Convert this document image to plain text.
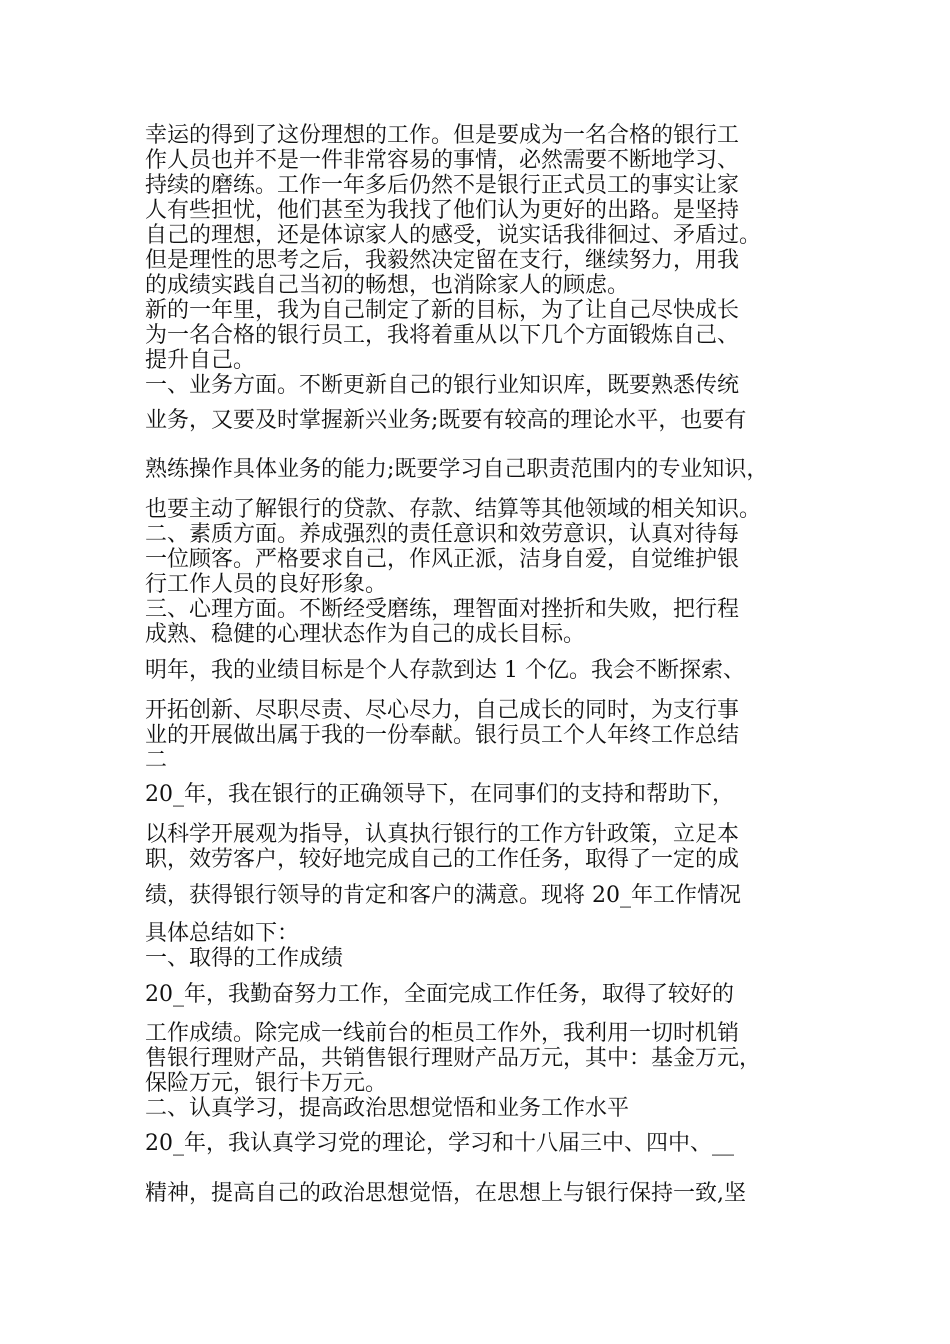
幸运的得到了这份理想的工作。但是要成为一名合格的银行工
作人员也并不是一件非常容易的事情，必然需要不断地学习、
持续的磨练。工作一年多后仍然不是银行正式员工的事实让家
人有些担忧，他们甚至为我找了他们认为更好的出路。是坚持
自己的理想，还是体谅家人的感受，说实话我徘徊过、矛盾过。
但是理性的思考之后，我毅然决定留在支行，继续努力，用我
的成绩实践自己当初的畅想，也消除家人的顾虑。
新的一年里，我为自己制定了新的目标，为了让自己尽快成长
为一名合格的银行员工，我将着重从以下几个方面锻炼自己、
提升自己。
一、业务方面。不断更新自己的银行业知识库，既要熟悉传统
业务，又要及时掌握新兴业务;既要有较高的理论水平，也要有
熟练操作具体业务的能力;既要学习自己职责范围内的专业知识，
也要主动了解银行的贷款、存款、结算等其他领域的相关知识。
二、素质方面。养成强烈的责任意识和效劳意识，认真对待每
一位顾客。严格要求自己，作风正派，洁身自爱，自觉维护银
行工作人员的良好形象。
三、心理方面。不断经受磨练，理智面对挫折和失败，把行程
成熟、稳健的心理状态作为自己的成长目标。
明年，我的业绩目标是个人存款到达 1 个亿。我会不断探索、
开拓创新、尽职尽责、尽心尽力，自己成长的同时，为支行事
业的开展做出属于我的一份奉献。银行员工个人年终工作总结
二
20_年，我在银行的正确领导下，在同事们的支持和帮助下，
以科学开展观为指导，认真执行银行的工作方针政策，立足本
职，效劳客户，较好地完成自己的工作任务，取得了一定的成
绩，获得银行领导的肯定和客户的满意。现将 20_年工作情况
具体总结如下：
一、取得的工作成绩
20_年，我勤奋努力工作，全面完成工作任务，取得了较好的
工作成绩。除完成一线前台的柜员工作外，我利用一切时机销
售银行理财产品，共销售银行理财产品万元，其中：基金万元，
保险万元，银行卡万元。
二、认真学习，提高政治思想觉悟和业务工作水平
20_年，我认真学习党的理论，学习和十八届三中、四中、__
精神，提高自己的政治思想觉悟，在思想上与银行保持一致,坚
